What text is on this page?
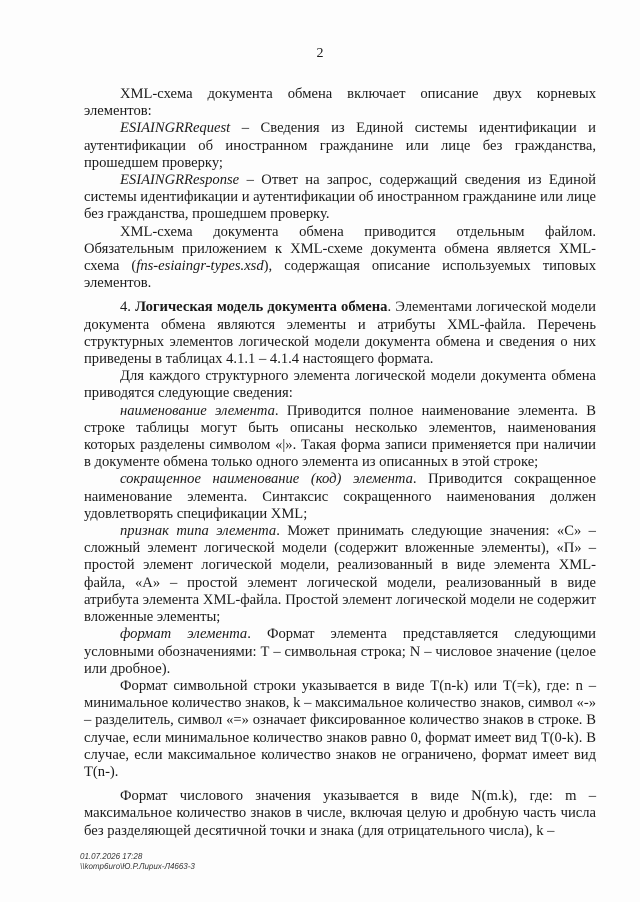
2

XML-схема документа обмена включает описание двух корневых элементов:

ESIAINGRRequest – Сведения из Единой системы идентификации и аутентификации об иностранном гражданине или лице без гражданства, прошедшем проверку;

ESIAINGRResponse – Ответ на запрос, содержащий сведения из Единой системы идентификации и аутентификации об иностранном гражданине или лице без гражданства, прошедшем проверку.

XML-схема документа обмена приводится отдельным файлом. Обязательным приложением к XML-схеме документа обмена является XML-схема (fns-esiaingr-types.xsd), содержащая описание используемых типовых элементов.

4. Логическая модель документа обмена. Элементами логической модели документа обмена являются элементы и атрибуты XML-файла. Перечень структурных элементов логической модели документа обмена и сведения о них приведены в таблицах 4.1.1 – 4.1.4 настоящего формата.

Для каждого структурного элемента логической модели документа обмена приводятся следующие сведения:

наименование элемента. Приводится полное наименование элемента. В строке таблицы могут быть описаны несколько элементов, наименования которых разделены символом «|». Такая форма записи применяется при наличии в документе обмена только одного элемента из описанных в этой строке;

сокращенное наименование (код) элемента. Приводится сокращенное наименование элемента. Синтаксис сокращенного наименования должен удовлетворять спецификации XML;

признак типа элемента. Может принимать следующие значения: «С» – сложный элемент логической модели (содержит вложенные элементы), «П» – простой элемент логической модели, реализованный в виде элемента XML-файла, «А» – простой элемент логической модели, реализованный в виде атрибута элемента XML-файла. Простой элемент логической модели не содержит вложенные элементы;

формат элемента. Формат элемента представляется следующими условными обозначениями: Т – символьная строка; N – числовое значение (целое или дробное).

Формат символьной строки указывается в виде Т(n-k) или Т(=k), где: n – минимальное количество знаков, k – максимальное количество знаков, символ «-» – разделитель, символ «=» означает фиксированное количество знаков в строке. В случае, если минимальное количество знаков равно 0, формат имеет вид Т(0-k). В случае, если максимальное количество знаков не ограничено, формат имеет вид Т(n-).

Формат числового значения указывается в виде N(m.k), где: m – максимальное количество знаков в числе, включая целую и дробную часть числа без разделяющей десятичной точки и знака (для отрицательного числа), k –

01.07.2026 17:28
\\komp6uro\Ю.Р.Лирих-Л4663-3
